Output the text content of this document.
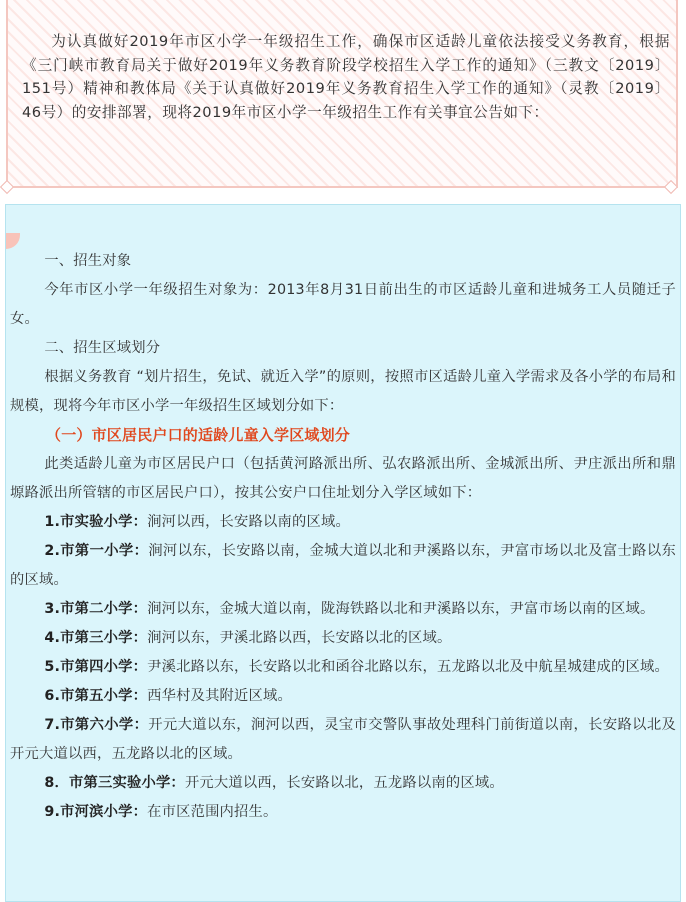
为认真做好2019年市区小学一年级招生工作，确保市区适龄儿童依法接受义务教育，根据《三门峡市教育局关于做好2019年义务教育阶段学校招生入学工作的通知》（三教文〔2019〕151号）精神和教体局《关于认真做好2019年义务教育招生入学工作的通知》（灵教〔2019〕46号）的安排部署，现将2019年市区小学一年级招生工作有关事宜公告如下：

一、招生对象

今年市区小学一年级招生对象为：2013年8月31日前出生的市区适龄儿童和进城务工人员随迁子女。

二、招生区域划分

根据义务教育 “划片招生，免试、就近入学”的原则，按照市区适龄儿童入学需求及各小学的布局和规模，现将今年市区小学一年级招生区域划分如下：

（一）市区居民户口的适龄儿童入学区域划分

此类适龄儿童为市区居民户口（包括黄河路派出所、弘农路派出所、金城派出所、尹庄派出所和鼎塬路派出所管辖的市区居民户口），按其公安户口住址划分入学区域如下：

1.市实验小学：涧河以西，长安路以南的区域。

2.市第一小学：涧河以东，长安路以南，金城大道以北和尹溪路以东，尹富市场以北及富士路以东的区域。

3.市第二小学：涧河以东，金城大道以南，陇海铁路以北和尹溪路以东，尹富市场以南的区域。

4.市第三小学：涧河以东，尹溪北路以西，长安路以北的区域。

5.市第四小学：尹溪北路以东，长安路以北和函谷北路以东，五龙路以北及中航星城建成的区域。

6.市第五小学：西华村及其附近区域。

7.市第六小学：开元大道以东，涧河以西，灵宝市交警队事故处理科门前街道以南，长安路以北及开元大道以西，五龙路以北的区域。

8．市第三实验小学：开元大道以西，长安路以北，五龙路以南的区域。

9.市河滨小学：在市区范围内招生。
